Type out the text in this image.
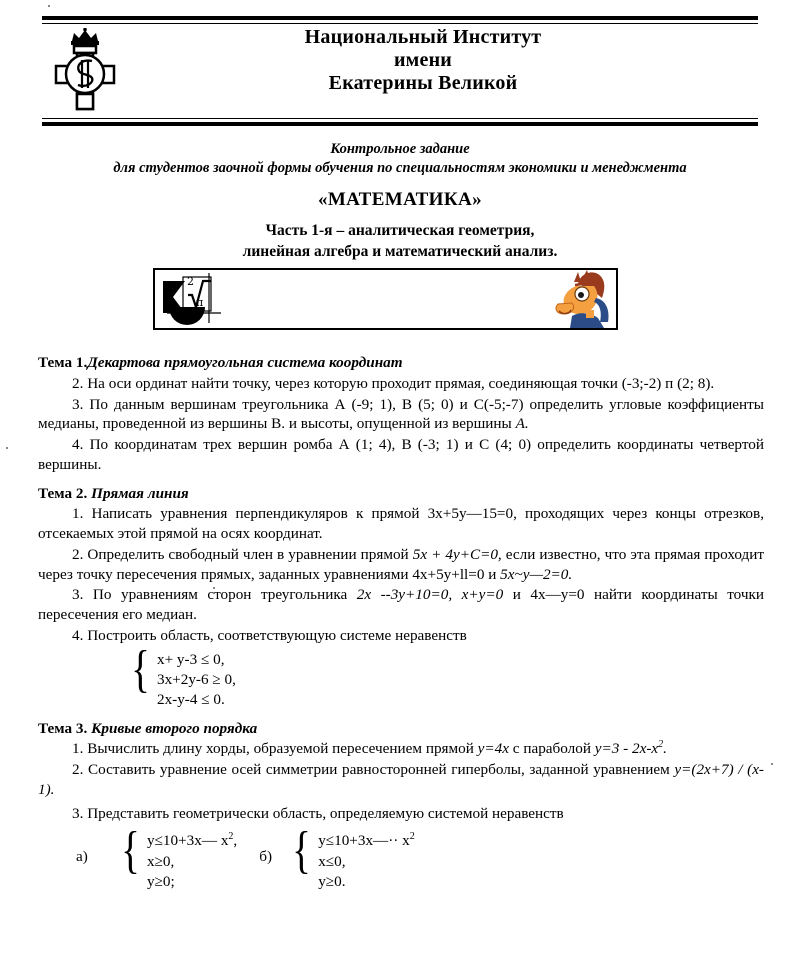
Национальный Институт
имени
Екатерины Великой
Контрольное задание
для студентов заочной формы обучения по специальностям экономики и менеджмента
«МАТЕМАТИКА»
Часть 1-я – аналитическая геометрия,
линейная алгебра и математический анализ.
2
π
Тема 1.Декартова прямоугольная система координат

2. На оси ординат найти точку, через которую проходит прямая, соединяющая точки (-3;-2) п (2; 8).

3. По данным вершинам треугольника А (-9; 1), В (5; 0) и С(-5;-7) определить угловые коэффициенты медианы, проведенной из вершины В. и высоты, опущенной из вершины А.

4. По координатам трех вершин ромба А (1; 4), В (-3; 1) и С (4; 0) определить координаты четвертой вершины.

Тема 2. Прямая линия

1. Написать уравнения перпендикуляров к прямой 3х+5у—15=0, проходящих через концы отрезков, отсекаемых этой прямой на осях координат.

2. Определить свободный член в уравнении прямой 5x + 4y+C=0, если известно, что эта прямая проходит через точку пересечения прямых, заданных уравнениями 4х+5у+ll=0 и 5x~y—2=0.

3. По уравнениям сторон треугольника 2x --3y+10=0, x+y=0 и 4х—у=0 найти координаты точки пересечения его медиан.

4. Построить область, соответствующую системе неравенств

{ х+ у-3 ≤ 0,
3х+2у-6 ≥ 0,
2х-у-4 ≤ 0.
Тема 3. Кривые второго порядка

1. Вычислить длину хорды, образуемой пересечением прямой y=4x с параболой $y=3 - 2x-x^2$.

2. Составить уравнение осей симметрии равносторонней гиперболы, заданной уравнением y=(2x+7) / (x-1).

3. Представить геометрически область, определяемую системой неравенств

а) { у≤10+3х— $х^2$,
х≥0,
у≥0;
б) { у≤10+3х—·· $х^2$
х≤0,
у≥0.
